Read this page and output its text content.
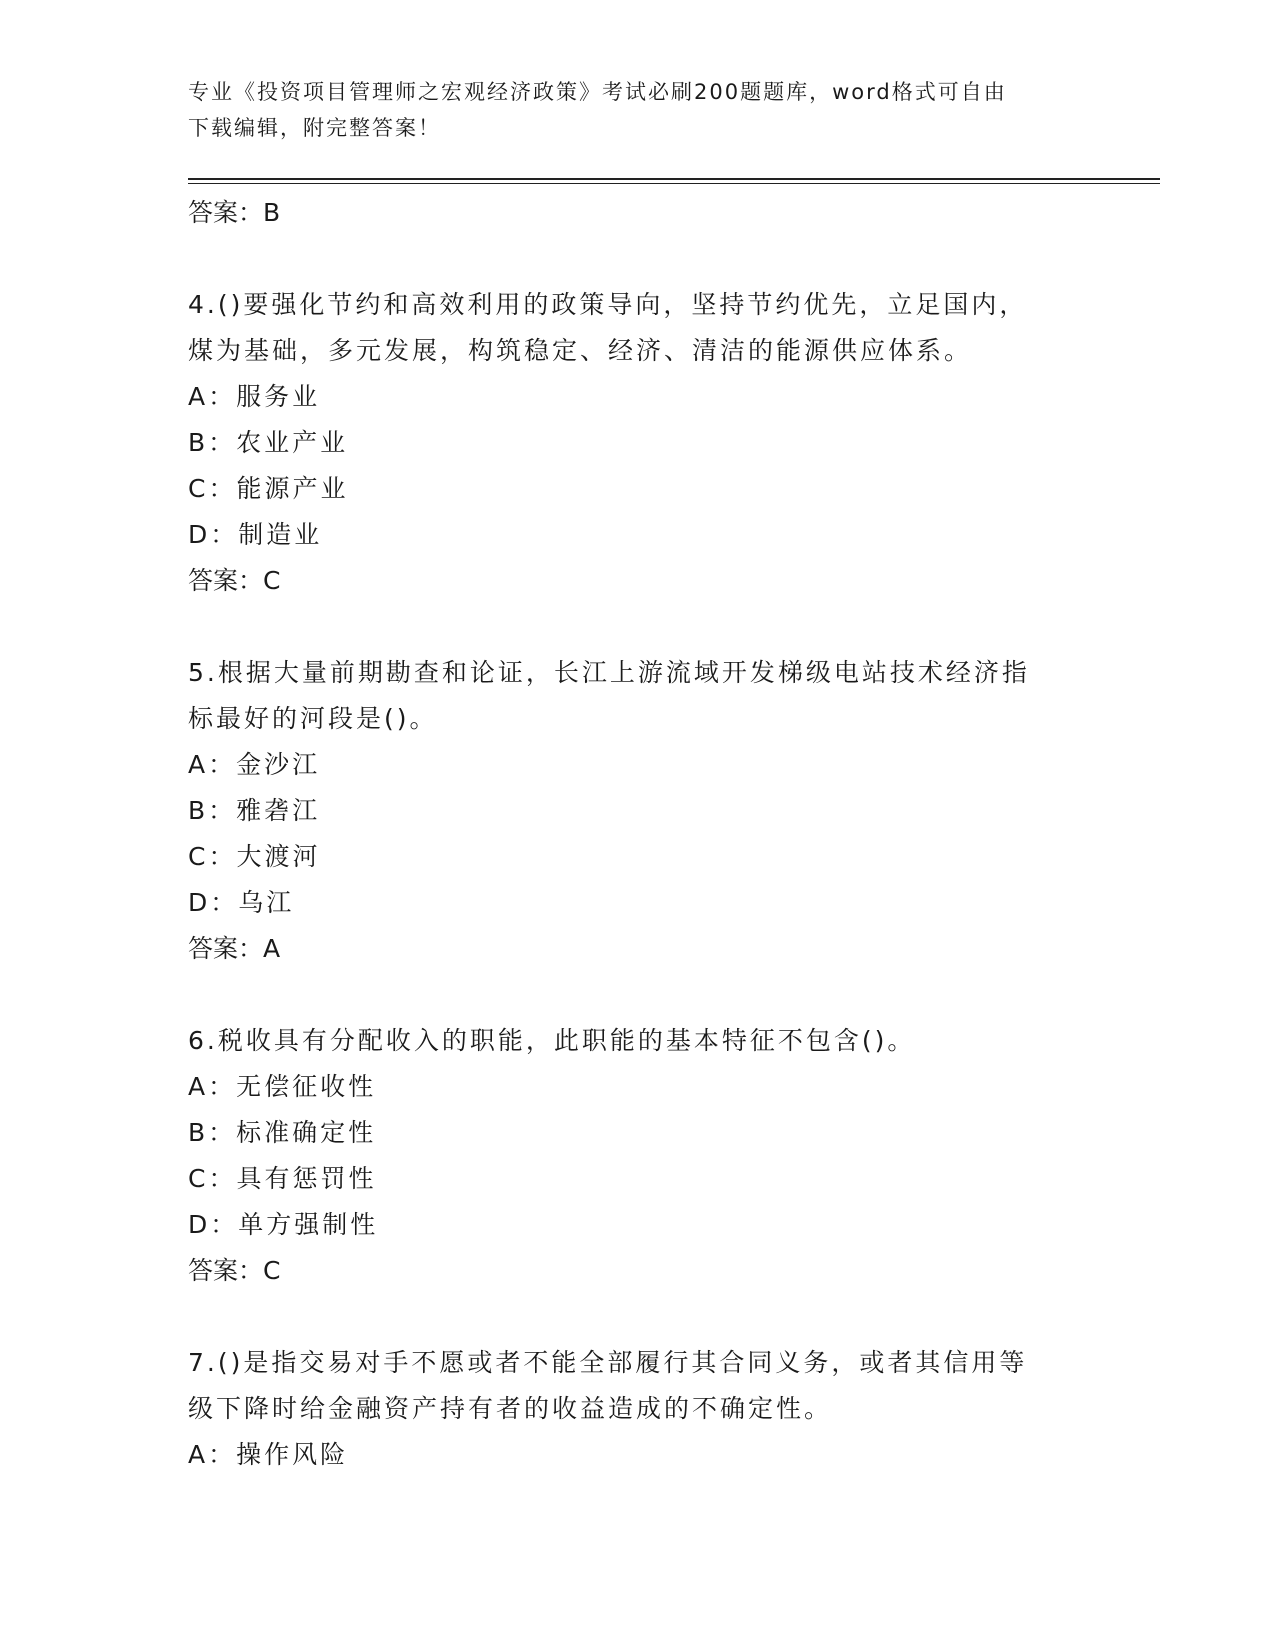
专业《投资项目管理师之宏观经济政策》考试必刷200题题库，word格式可自由
下载编辑，附完整答案！
答案：B
4.()要强化节约和高效利用的政策导向，坚持节约优先，立足国内，
煤为基础，多元发展，构筑稳定、经济、清洁的能源供应体系。
A：服务业
B：农业产业
C：能源产业
D：制造业
答案：C
5.根据大量前期勘查和论证，长江上游流域开发梯级电站技术经济指
标最好的河段是()。
A：金沙江
B：雅砻江
C：大渡河
D：乌江
答案：A
6.税收具有分配收入的职能，此职能的基本特征不包含()。
A：无偿征收性
B：标准确定性
C：具有惩罚性
D：单方强制性
答案：C
7.()是指交易对手不愿或者不能全部履行其合同义务，或者其信用等
级下降时给金融资产持有者的收益造成的不确定性。
A：操作风险
